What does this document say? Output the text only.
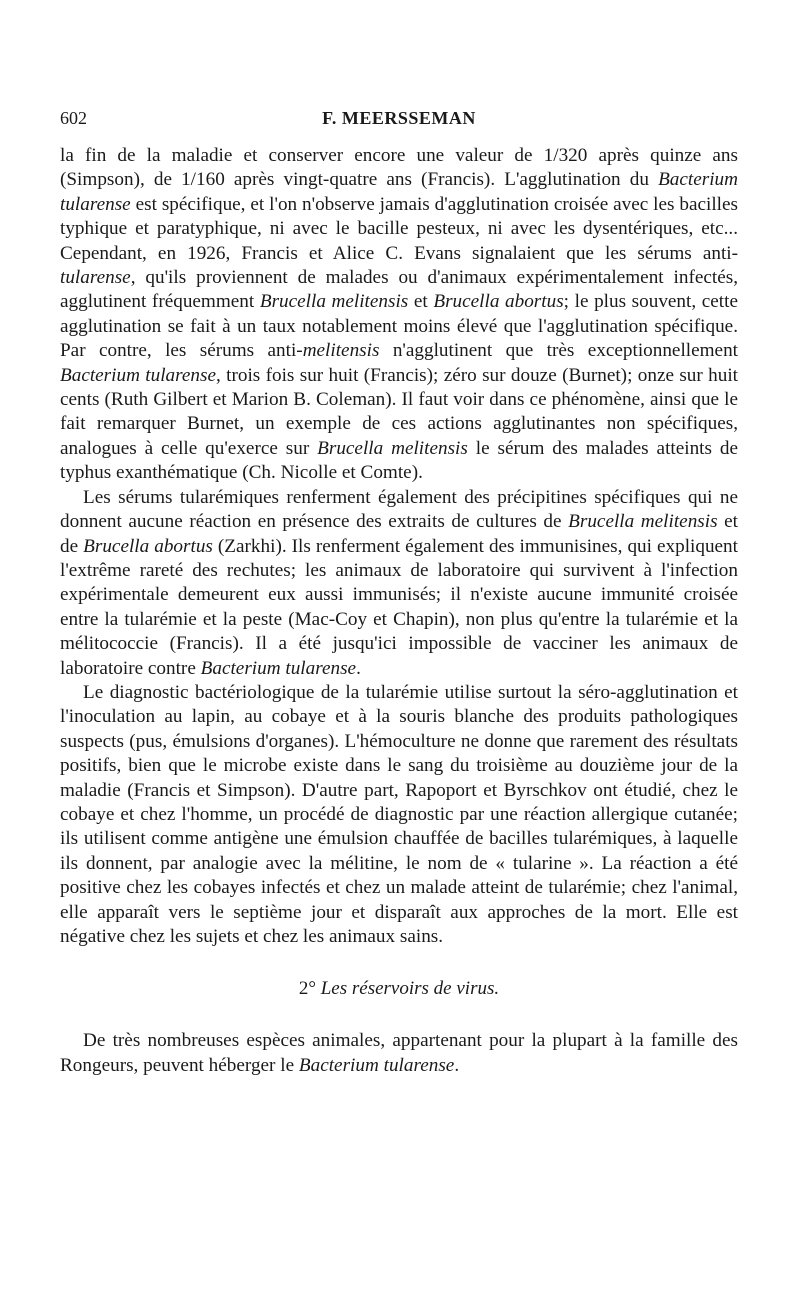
602	F. MEERSSEMAN

la fin de la maladie et conserver encore une valeur de 1/320 après quinze ans (Simpson), de 1/160 après vingt-quatre ans (Francis). L'agglutination du Bacterium tularense est spécifique, et l'on n'observe jamais d'agglutination croisée avec les bacilles typhique et paratyphique, ni avec le bacille pesteux, ni avec les dysentériques, etc... Cependant, en 1926, Francis et Alice C. Evans signalaient que les sérums anti-tularense, qu'ils proviennent de malades ou d'animaux expérimentalement infectés, agglutinent fréquemment Brucella melitensis et Brucella abortus; le plus souvent, cette agglutination se fait à un taux notablement moins élevé que l'agglutination spécifique. Par contre, les sérums anti-melitensis n'agglutinent que très exceptionnellement Bacterium tularense, trois fois sur huit (Francis); zéro sur douze (Burnet); onze sur huit cents (Ruth Gilbert et Marion B. Coleman). Il faut voir dans ce phénomène, ainsi que le fait remarquer Burnet, un exemple de ces actions agglutinantes non spécifiques, analogues à celle qu'exerce sur Brucella melitensis le sérum des malades atteints de typhus exanthématique (Ch. Nicolle et Comte).

Les sérums tularémiques renferment également des précipitines spécifiques qui ne donnent aucune réaction en présence des extraits de cultures de Brucella melitensis et de Brucella abortus (Zarkhi). Ils renferment également des immunisines, qui expliquent l'extrême rareté des rechutes; les animaux de laboratoire qui survivent à l'infection expérimentale demeurent eux aussi immunisés; il n'existe aucune immunité croisée entre la tularémie et la peste (Mac-Coy et Chapin), non plus qu'entre la tularémie et la mélitococcie (Francis). Il a été jusqu'ici impossible de vacciner les animaux de laboratoire contre Bacterium tularense.

Le diagnostic bactériologique de la tularémie utilise surtout la séro-agglutination et l'inoculation au lapin, au cobaye et à la souris blanche des produits pathologiques suspects (pus, émulsions d'organes). L'hémoculture ne donne que rarement des résultats positifs, bien que le microbe existe dans le sang du troisième au douzième jour de la maladie (Francis et Simpson). D'autre part, Rapoport et Byrschkov ont étudié, chez le cobaye et chez l'homme, un procédé de diagnostic par une réaction allergique cutanée; ils utilisent comme antigène une émulsion chauffée de bacilles tularémiques, à laquelle ils donnent, par analogie avec la mélitine, le nom de « tularine ». La réaction a été positive chez les cobayes infectés et chez un malade atteint de tularémie; chez l'animal, elle apparaît vers le septième jour et disparaît aux approches de la mort. Elle est négative chez les sujets et chez les animaux sains.

2° Les réservoirs de virus.

De très nombreuses espèces animales, appartenant pour la plupart à la famille des Rongeurs, peuvent héberger le Bacterium tularense.
